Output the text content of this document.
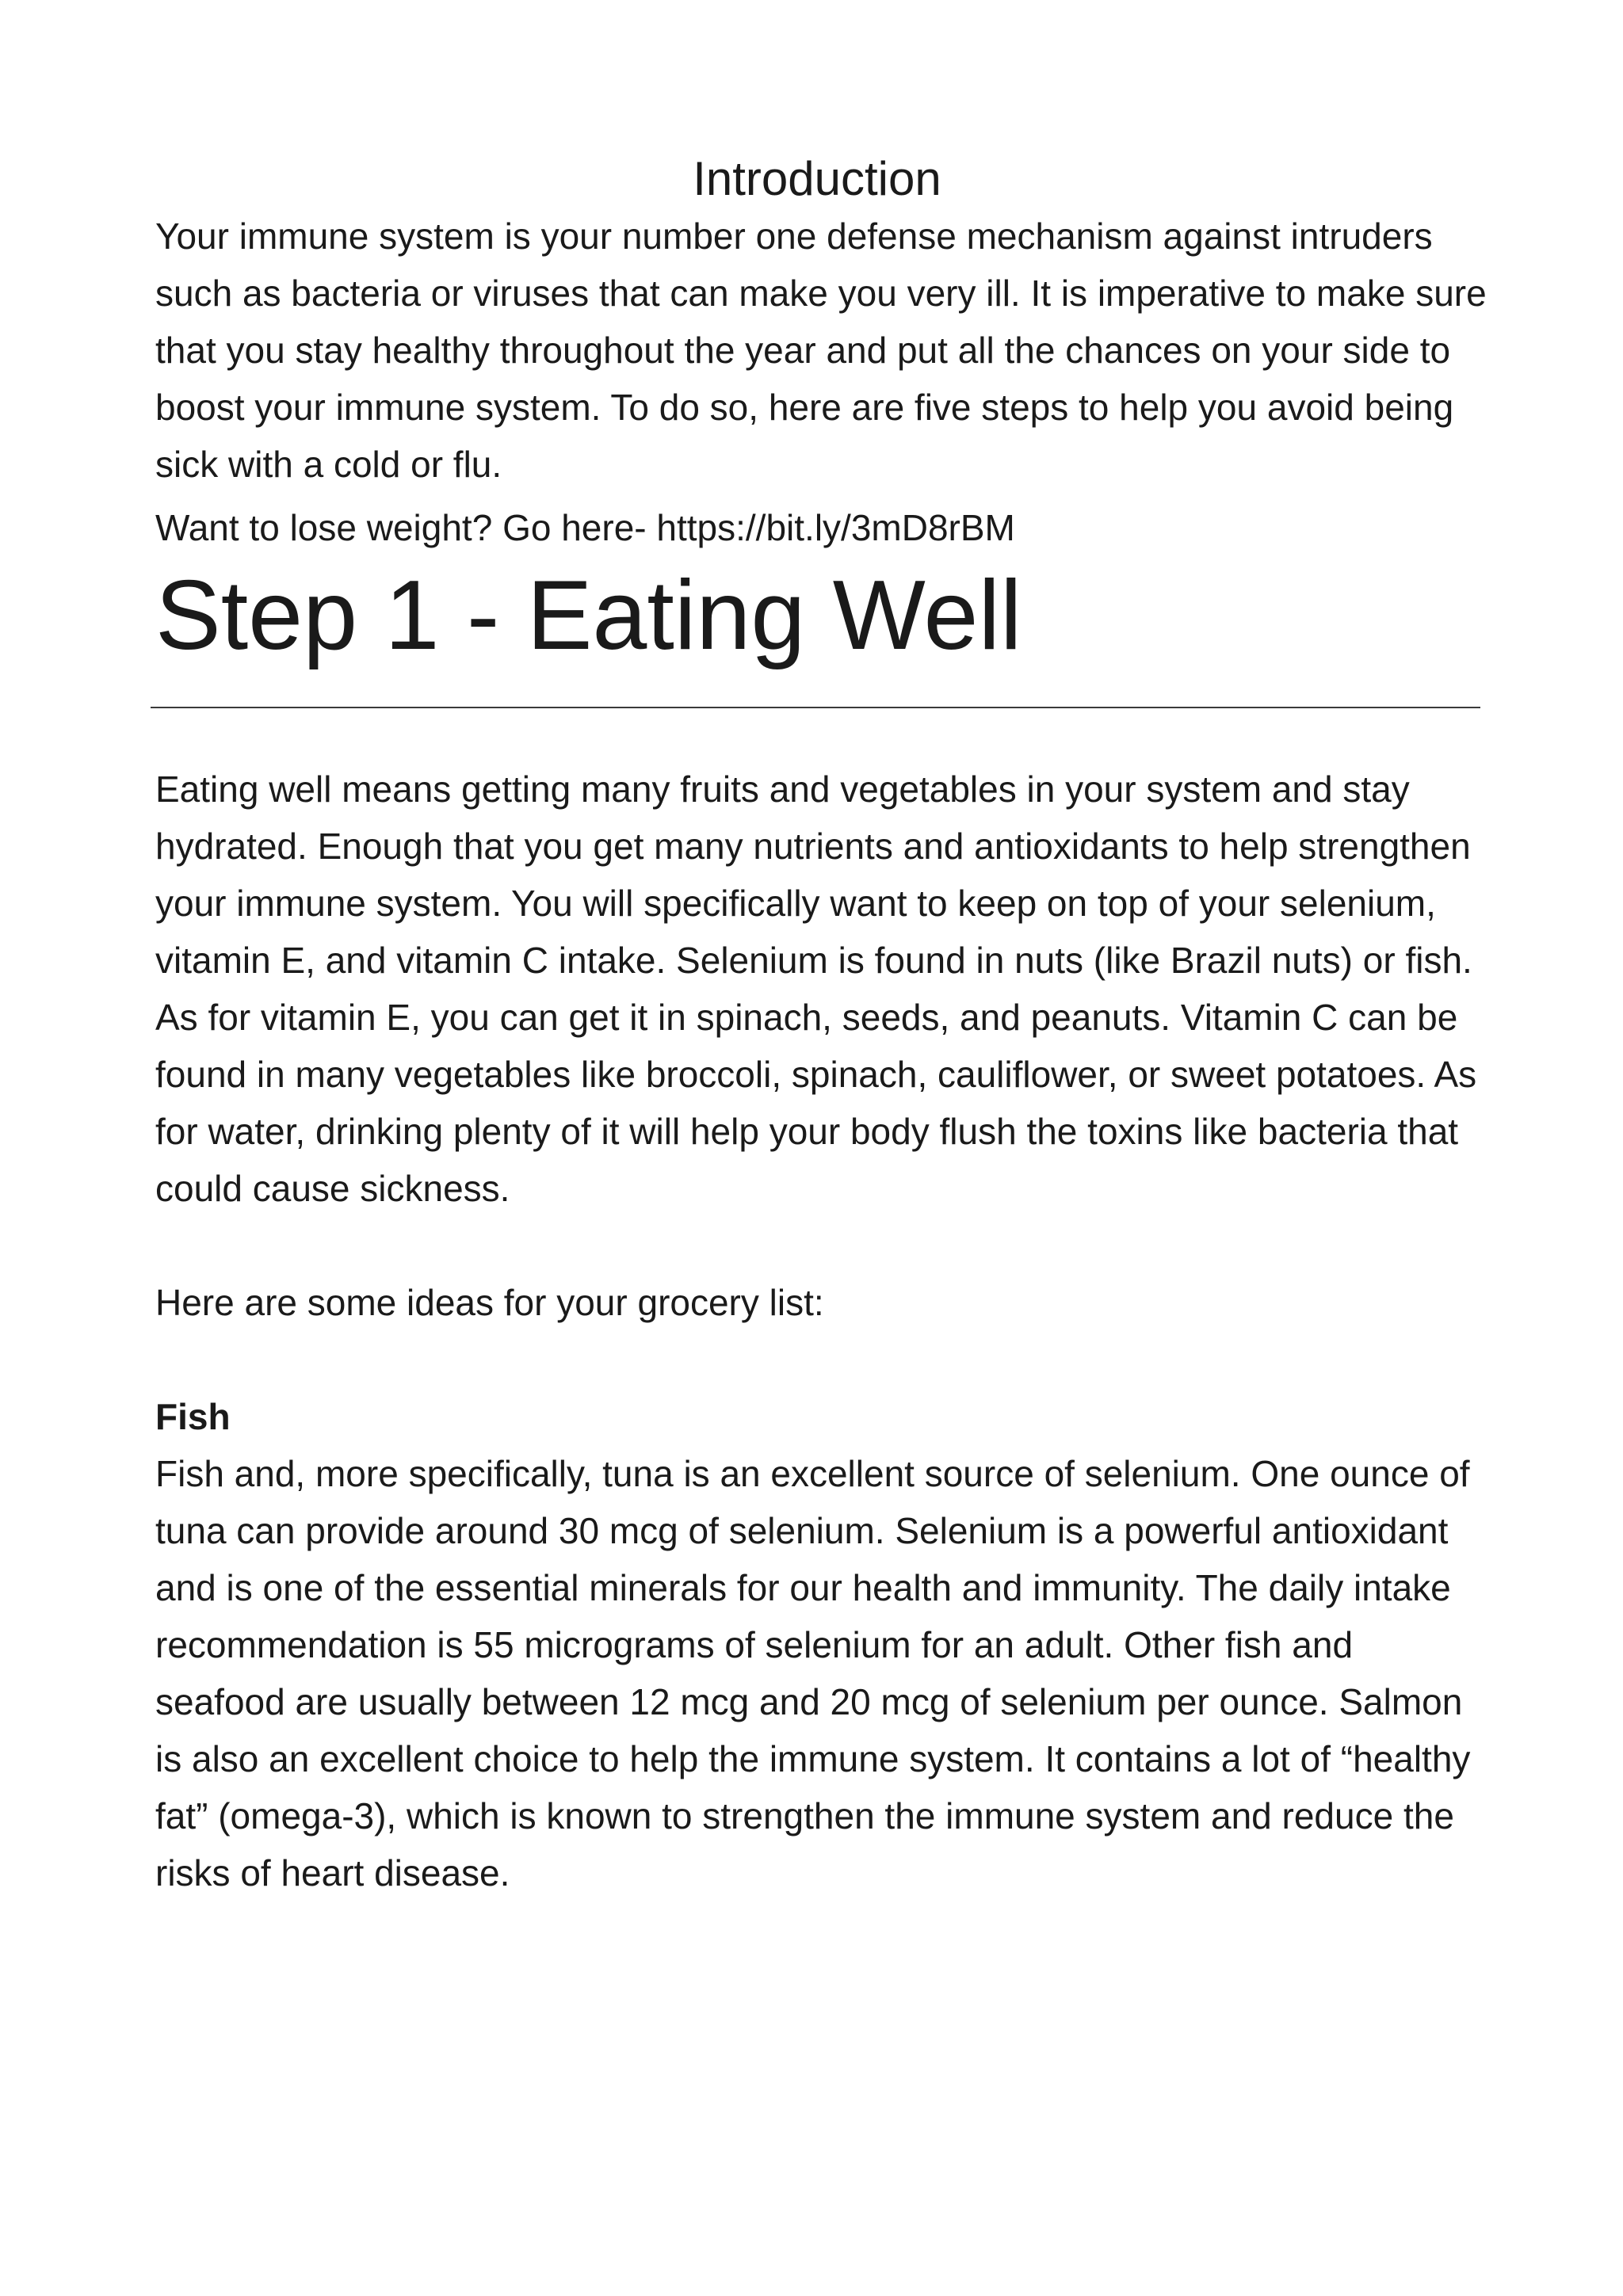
Introduction

Your immune system is your number one defense mechanism against intruders such as bacteria or viruses that can make you very ill. It is imperative to make sure that you stay healthy throughout the year and put all the chances on your side to boost your immune system. To do so, here are five steps to help you avoid being sick with a cold or flu.

Want to lose weight? Go here- https://bit.ly/3mD8rBM

Step 1 - Eating Well

Eating well means getting many fruits and vegetables in your system and stay hydrated. Enough that you get many nutrients and antioxidants to help strengthen your immune system. You will specifically want to keep on top of your selenium, vitamin E, and vitamin C intake. Selenium is found in nuts (like Brazil nuts) or fish. As for vitamin E, you can get it in spinach, seeds, and peanuts. Vitamin C can be found in many vegetables like broccoli, spinach, cauliflower, or sweet potatoes. As for water, drinking plenty of it will help your body flush the toxins like bacteria that could cause sickness.

Here are some ideas for your grocery list:

Fish

Fish and, more specifically, tuna is an excellent source of selenium. One ounce of tuna can provide around 30 mcg of selenium. Selenium is a powerful antioxidant and is one of the essential minerals for our health and immunity. The daily intake recommendation is 55 micrograms of selenium for an adult. Other fish and seafood are usually between 12 mcg and 20 mcg of selenium per ounce. Salmon is also an excellent choice to help the immune system. It contains a lot of “healthy fat” (omega-3), which is known to strengthen the immune system and reduce the risks of heart disease.
